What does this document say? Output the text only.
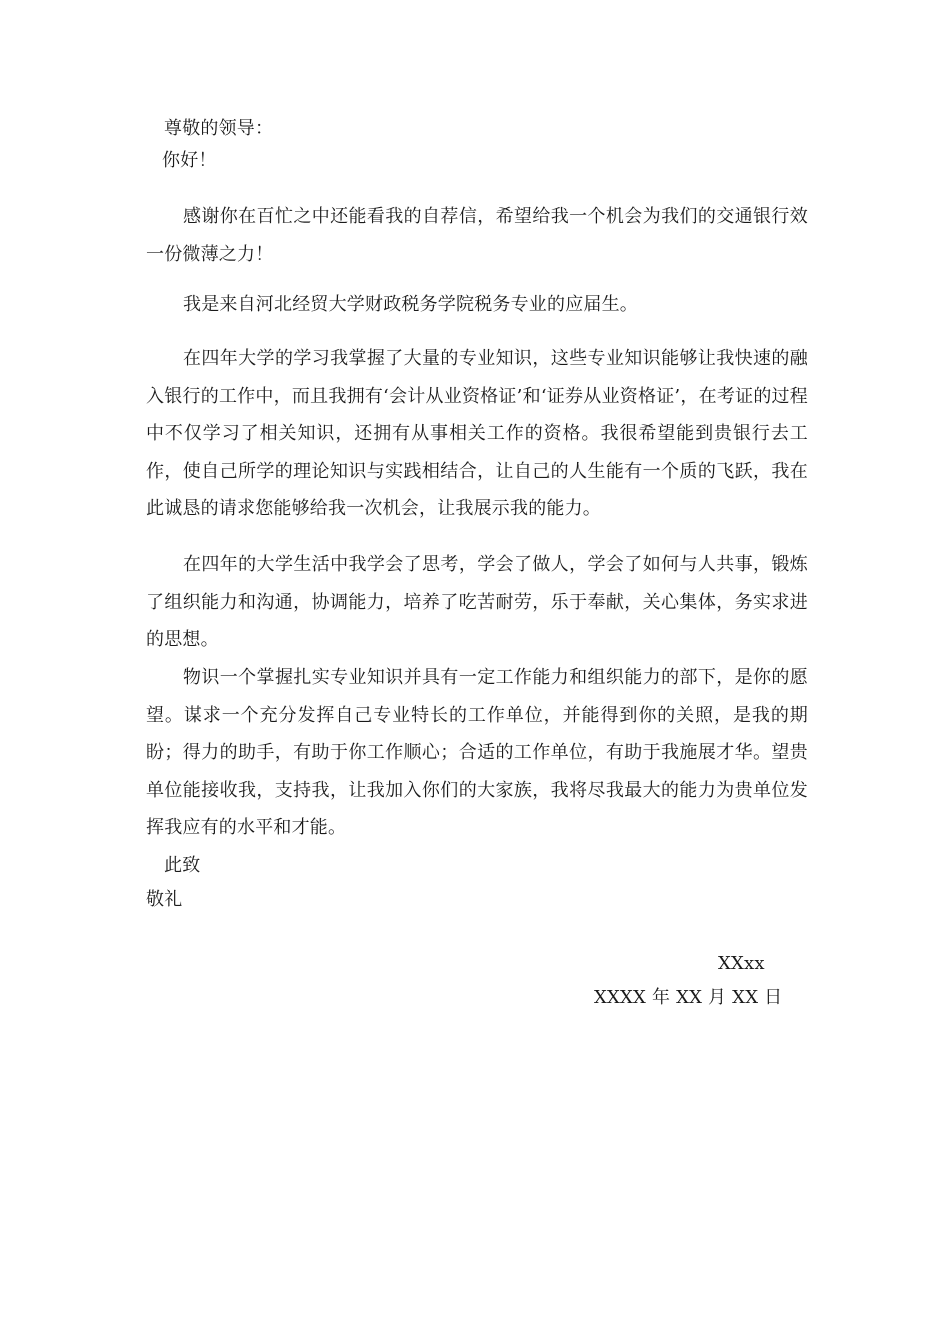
尊敬的领导：
你好！
感谢你在百忙之中还能看我的自荐信，希望给我一个机会为我们的交通银行效一份微薄之力！
我是来自河北经贸大学财政税务学院税务专业的应届生。
在四年大学的学习我掌握了大量的专业知识，这些专业知识能够让我快速的融入银行的工作中，而且我拥有‘会计从业资格证’和‘证券从业资格证’，在考证的过程中不仅学习了相关知识，还拥有从事相关工作的资格。我很希望能到贵银行去工作，使自己所学的理论知识与实践相结合，让自己的人生能有一个质的飞跃，我在此诚恳的请求您能够给我一次机会，让我展示我的能力。
在四年的大学生活中我学会了思考，学会了做人，学会了如何与人共事，锻炼了组织能力和沟通，协调能力，培养了吃苦耐劳，乐于奉献，关心集体，务实求进的思想。
物识一个掌握扎实专业知识并具有一定工作能力和组织能力的部下，是你的愿望。谋求一个充分发挥自己专业特长的工作单位，并能得到你的关照，是我的期盼；得力的助手，有助于你工作顺心；合适的工作单位，有助于我施展才华。望贵单位能接收我，支持我，让我加入你们的大家族，我将尽我最大的能力为贵单位发挥我应有的水平和才能。
此致
敬礼
XXxx
XXXX 年 XX 月 XX 日
